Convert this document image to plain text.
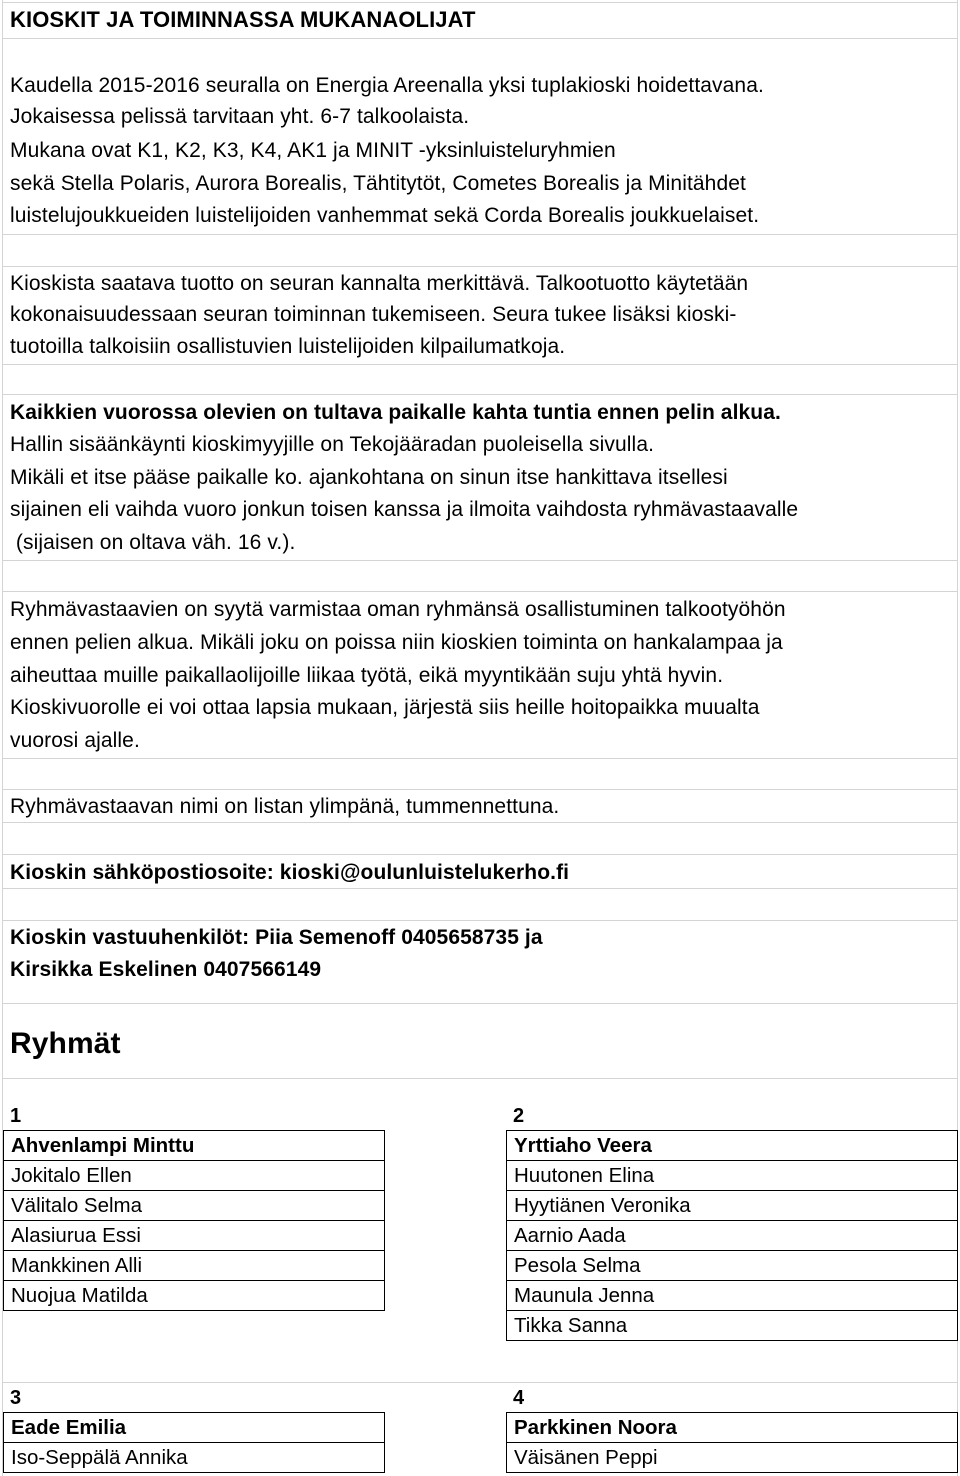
KIOSKIT JA TOIMINNASSA MUKANAOLIJAT
Kaudella 2015-2016 seuralla on Energia Areenalla yksi tuplakioski hoidettavana.
Jokaisessa pelissä tarvitaan yht. 6-7 talkoolaista.
Mukana ovat K1, K2, K3, K4, AK1 ja MINIT -yksinluisteluryhmien
sekä Stella Polaris, Aurora Borealis, Tähtitytöt, Cometes Borealis ja Minitähdet
luistelujoukkueiden luistelijoiden vanhemmat sekä Corda Borealis joukkuelaiset.
Kioskista saatava tuotto on seuran kannalta merkittävä. Talkootuotto käytetään
kokonaisuudessaan seuran toiminnan tukemiseen. Seura tukee lisäksi kioski-
tuotoilla talkoisiin osallistuvien luistelijoiden kilpailumatkoja.
Kaikkien vuorossa olevien on tultava paikalle kahta tuntia ennen pelin alkua.
Hallin sisäänkäynti kioskimyyjille on Tekojääradan puoleisella sivulla.
Mikäli et itse pääse paikalle ko. ajankohtana on sinun itse hankittava itsellesi
sijainen eli vaihda vuoro jonkun toisen kanssa ja ilmoita vaihdosta ryhmävastaavalle
(sijaisen on oltava väh. 16 v.).
Ryhmävastaavien on syytä varmistaa oman ryhmänsä osallistuminen talkootyöhön
ennen pelien alkua. Mikäli joku on poissa niin kioskien toiminta on hankalampaa ja
aiheuttaa muille paikallaolijoille liikaa työtä, eikä myyntikään suju yhtä hyvin.
Kioskivuorolle ei voi ottaa lapsia mukaan, järjestä siis heille hoitopaikka muualta
vuorosi ajalle.
Ryhmävastaavan nimi on listan ylimpänä, tummennettuna.
Kioskin sähköpostiosoite: kioski@oulunluistelukerho.fi
Kioskin vastuuhenkilöt: Piia Semenoff 0405658735 ja
Kirsikka Eskelinen 0407566149
Ryhmät
1
Ahvenlampi Minttu
Jokitalo Ellen
Välitalo Selma
Alasiurua Essi
Mankkinen Alli
Nuojua Matilda
2
Yrttiaho Veera
Huutonen Elina
Hyytiänen Veronika
Aarnio Aada
Pesola Selma
Maunula Jenna
Tikka Sanna
3
Eade Emilia
Iso-Seppälä Annika
4
Parkkinen Noora
Väisänen Peppi
